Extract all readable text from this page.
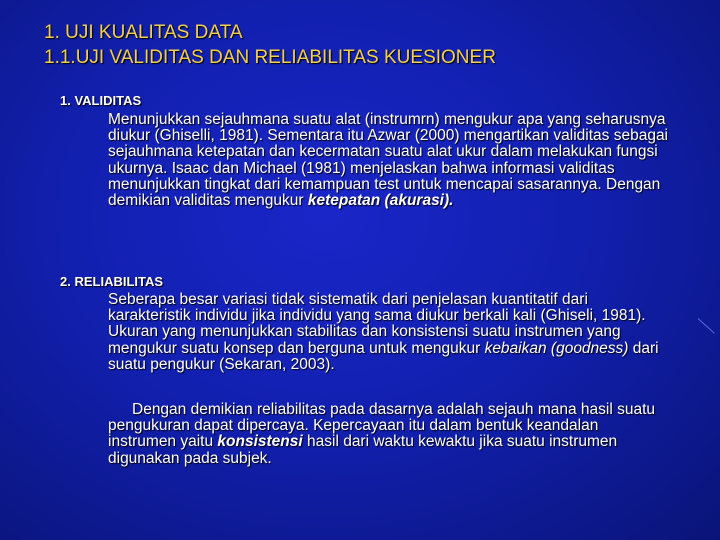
1. UJI KUALITAS DATA
1.1.UJI VALIDITAS DAN RELIABILITAS KUESIONER
1. VALIDITAS

Menunjukkan sejauhmana suatu alat (instrumrn) mengukur apa yang seharusnya diukur (Ghiselli, 1981). Sementara itu Azwar (2000) mengartikan validitas sebagai sejauhmana ketepatan dan kecermatan suatu alat ukur dalam melakukan fungsi ukurnya. Isaac dan Michael (1981) menjelaskan bahwa informasi validitas menunjukkan tingkat dari kemampuan test untuk mencapai sasarannya. Dengan demikian validitas mengukur ketepatan (akurasi).

2. RELIABILITAS

Seberapa besar variasi tidak sistematik dari penjelasan kuantitatif dari karakteristik individu jika individu yang sama diukur berkali kali (Ghiseli, 1981). Ukuran yang menunjukkan stabilitas dan konsistensi suatu instrumen yang mengukur suatu konsep dan berguna untuk mengukur kebaikan (goodness) dari suatu pengukur (Sekaran, 2003).

Dengan demikian reliabilitas pada dasarnya adalah sejauh mana hasil suatu pengukuran dapat dipercaya. Kepercayaan itu dalam bentuk keandalan instrumen yaitu konsistensi hasil dari waktu kewaktu jika suatu instrumen digunakan pada subjek.
